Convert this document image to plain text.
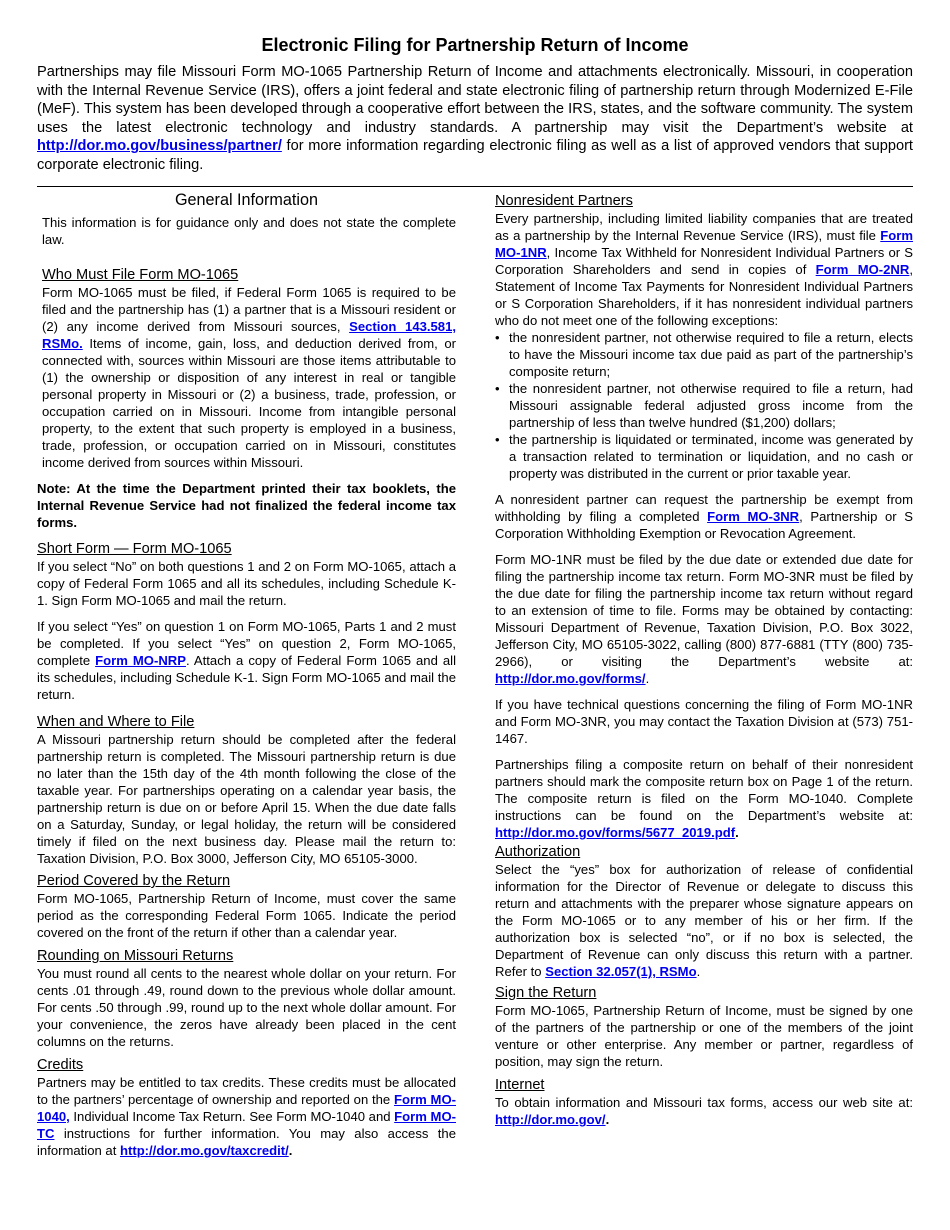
Electronic Filing for Partnership Return of Income

Partnerships may file Missouri Form MO-1065 Partnership Return of Income and attachments electronically. Missouri, in cooperation with the Internal Revenue Service (IRS), offers a joint federal and state electronic filing of partnership return through Modernized E-File (MeF). This system has been developed through a cooperative effort between the IRS, states, and the software community. The system uses the latest electronic technology and industry standards. A partnership may visit the Department’s website at http://dor.mo.gov/business/partner/ for more information regarding electronic filing as well as a list of approved vendors that support corporate electronic filing.

General Information

This information is for guidance only and does not state the complete law.

Who Must File Form MO-1065

Form MO-1065 must be filed, if Federal Form 1065 is required to be filed and the partnership has (1) a partner that is a Missouri resident or (2) any income derived from Missouri sources, Section 143.581, RSMo. Items of income, gain, loss, and deduction derived from, or connected with, sources within Missouri are those items attributable to (1) the ownership or disposition of any interest in real or tangible personal property in Missouri or (2) a business, trade, profession, or occupation carried on in Missouri. Income from intangible personal property, to the extent that such property is employed in a business, trade, profession, or occupation carried on in Missouri, constitutes income derived from sources within Missouri.

Note: At the time the Department printed their tax booklets, the Internal Revenue Service had not finalized the federal income tax forms.

Short Form — Form MO-1065

If you select “No” on both questions 1 and 2 on Form MO-1065, attach a copy of Federal Form 1065 and all its schedules, including Schedule K-1. Sign Form MO-1065 and mail the return.

If you select “Yes” on question 1 on Form MO-1065, Parts 1 and 2 must be completed. If you select “Yes” on question 2, Form MO-1065, complete Form MO-NRP. Attach a copy of Federal Form 1065 and all its schedules, including Schedule K-1. Sign Form MO-1065 and mail the return.

When and Where to File

A Missouri partnership return should be completed after the federal partnership return is completed. The Missouri partnership return is due no later than the 15th day of the 4th month following the close of the taxable year. For partnerships operating on a calendar year basis, the partnership return is due on or before April 15. When the due date falls on a Saturday, Sunday, or legal holiday, the return will be considered timely if filed on the next business day. Please mail the return to: Taxation Division, P.O. Box 3000, Jefferson City, MO 65105-3000.

Period Covered by the Return

Form MO-1065, Partnership Return of Income, must cover the same period as the corresponding Federal Form 1065. Indicate the period covered on the front of the return if other than a calendar year.

Rounding on Missouri Returns

You must round all cents to the nearest whole dollar on your return. For cents .01 through .49, round down to the previous whole dollar amount. For cents .50 through .99, round up to the next whole dollar amount. For your convenience, the zeros have already been placed in the cent columns on the returns.

Credits

Partners may be entitled to tax credits. These credits must be allocated to the partners’ percentage of ownership and reported on the Form MO-1040, Individual Income Tax Return. See Form MO-1040 and Form MO-TC instructions for further information. You may also access the information at http://dor.mo.gov/taxcredit/.

Nonresident Partners

Every partnership, including limited liability companies that are treated as a partnership by the Internal Revenue Service (IRS), must file Form MO-1NR, Income Tax Withheld for Nonresident Individual Partners or S Corporation Shareholders and send in copies of Form MO-2NR, Statement of Income Tax Payments for Nonresident Individual Partners or S Corporation Shareholders, if it has nonresident individual partners who do not meet one of the following exceptions:

• the nonresident partner, not otherwise required to file a return, elects to have the Missouri income tax due paid as part of the partnership’s composite return;
• the nonresident partner, not otherwise required to file a return, had Missouri assignable federal adjusted gross income from the partnership of less than twelve hundred ($1,200) dollars;
• the partnership is liquidated or terminated, income was generated by a transaction related to termination or liquidation, and no cash or property was distributed in the current or prior taxable year.

A nonresident partner can request the partnership be exempt from withholding by filing a completed Form MO-3NR, Partnership or S Corporation Withholding Exemption or Revocation Agreement.

Form MO-1NR must be filed by the due date or extended due date for filing the partnership income tax return. Form MO-3NR must be filed by the due date for filing the partnership income tax return without regard to an extension of time to file. Forms may be obtained by contacting: Missouri Department of Revenue, Taxation Division, P.O. Box 3022, Jefferson City, MO 65105-3022, calling (800) 877-6881 (TTY (800) 735-2966), or visiting the Department’s website at: http://dor.mo.gov/forms/.

If you have technical questions concerning the filing of Form MO-1NR and Form MO-3NR, you may contact the Taxation Division at (573) 751-1467.

Partnerships filing a composite return on behalf of their nonresident partners should mark the composite return box on Page 1 of the return. The composite return is filed on the Form MO-1040. Complete instructions can be found on the Department’s website at: http://dor.mo.gov/forms/5677_2019.pdf.

Authorization

Select the “yes” box for authorization of release of confidential information for the Director of Revenue or delegate to discuss this return and attachments with the preparer whose signature appears on the Form MO-1065 or to any member of his or her firm. If the authorization box is selected “no”, or if no box is selected, the Department of Revenue can only discuss this return with a partner. Refer to Section 32.057(1), RSMo.

Sign the Return

Form MO-1065, Partnership Return of Income, must be signed by one of the partners of the partnership or one of the members of the joint venture or other enterprise. Any member or partner, regardless of position, may sign the return.

Internet

To obtain information and Missouri tax forms, access our web site at: http://dor.mo.gov/.
